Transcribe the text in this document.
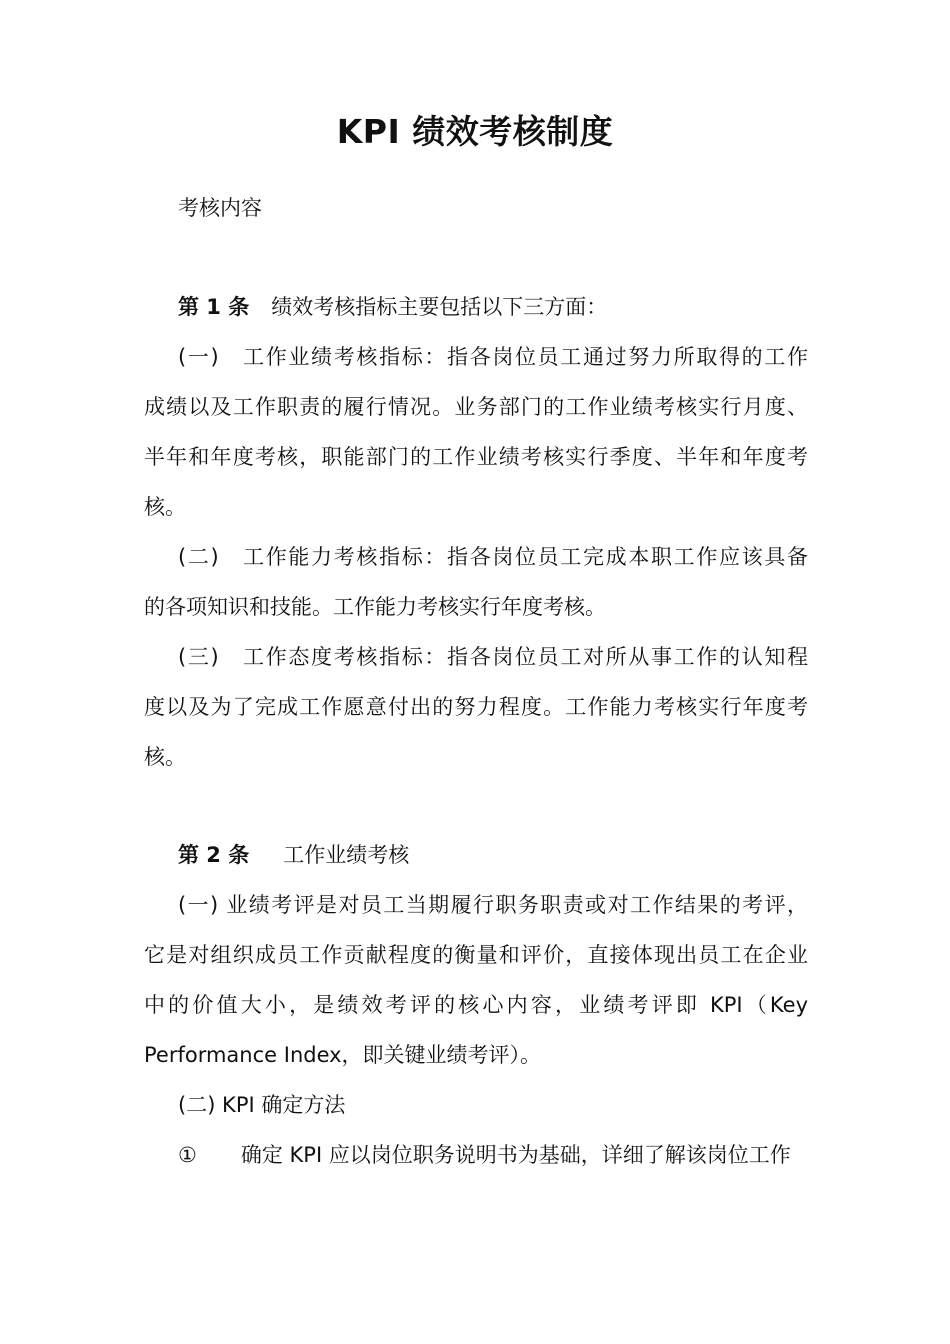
KPI 绩效考核制度

考核内容

第 1 条 绩效考核指标主要包括以下三方面：

(一)　工作业绩考核指标：指各岗位员工通过努力所取得的工作

成绩以及工作职责的履行情况。业务部门的工作业绩考核实行月度、

半年和年度考核，职能部门的工作业绩考核实行季度、半年和年度考

核。

(二)　工作能力考核指标：指各岗位员工完成本职工作应该具备

的各项知识和技能。工作能力考核实行年度考核。

(三)　工作态度考核指标：指各岗位员工对所从事工作的认知程

度以及为了完成工作愿意付出的努力程度。工作能力考核实行年度考

核。

第 2 条 工作业绩考核

(一) 业绩考评是对员工当期履行职务职责或对工作结果的考评，

它是对组织成员工作贡献程度的衡量和评价，直接体现出员工在企业

中的价值大小，是绩效考评的核心内容，业绩考评即 KPI（Key

Performance Index，即关键业绩考评）。

(二) KPI 确定方法

① 确定 KPI 应以岗位职务说明书为基础，详细了解该岗位工作
